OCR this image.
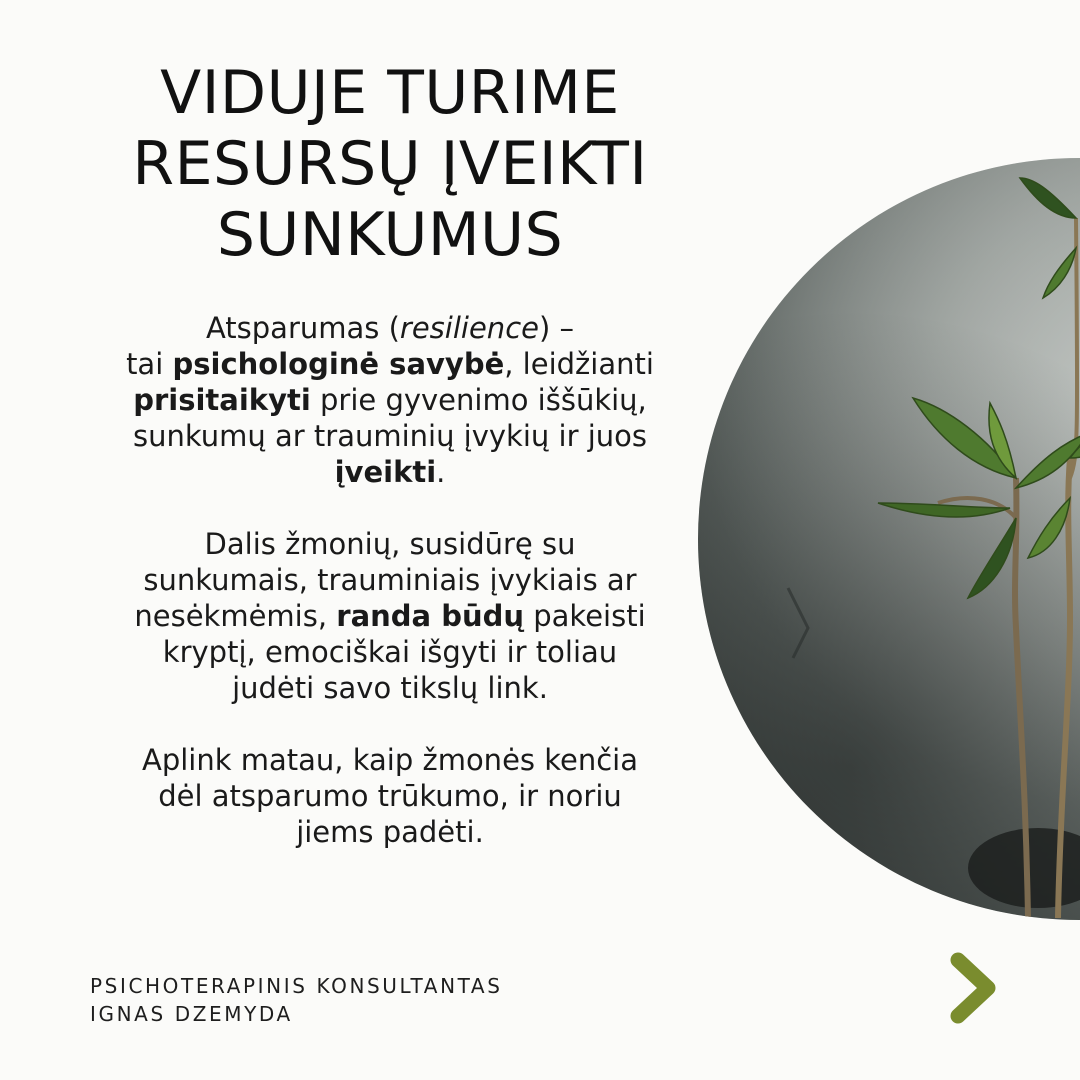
VIDUJE TURIME
RESURSŲ ĮVEIKTI
SUNKUMUS

Atsparumas (resilience) –
tai psichologinė savybė, leidžianti
prisitaikyti prie gyvenimo iššūkių,
sunkumų ar trauminių įvykių ir juos
įveikti.

Dalis žmonių, susidūrę su
sunkumais, trauminiais įvykiais ar
nesėkmėmis, randa būdų pakeisti
kryptį, emociškai išgyti ir toliau
judėti savo tikslų link.

Aplink matau, kaip žmonės kenčia
dėl atsparumo trūkumo, ir noriu
jiems padėti.

PSICHOTERAPINIS KONSULTANTAS
IGNAS DZEMYDA
